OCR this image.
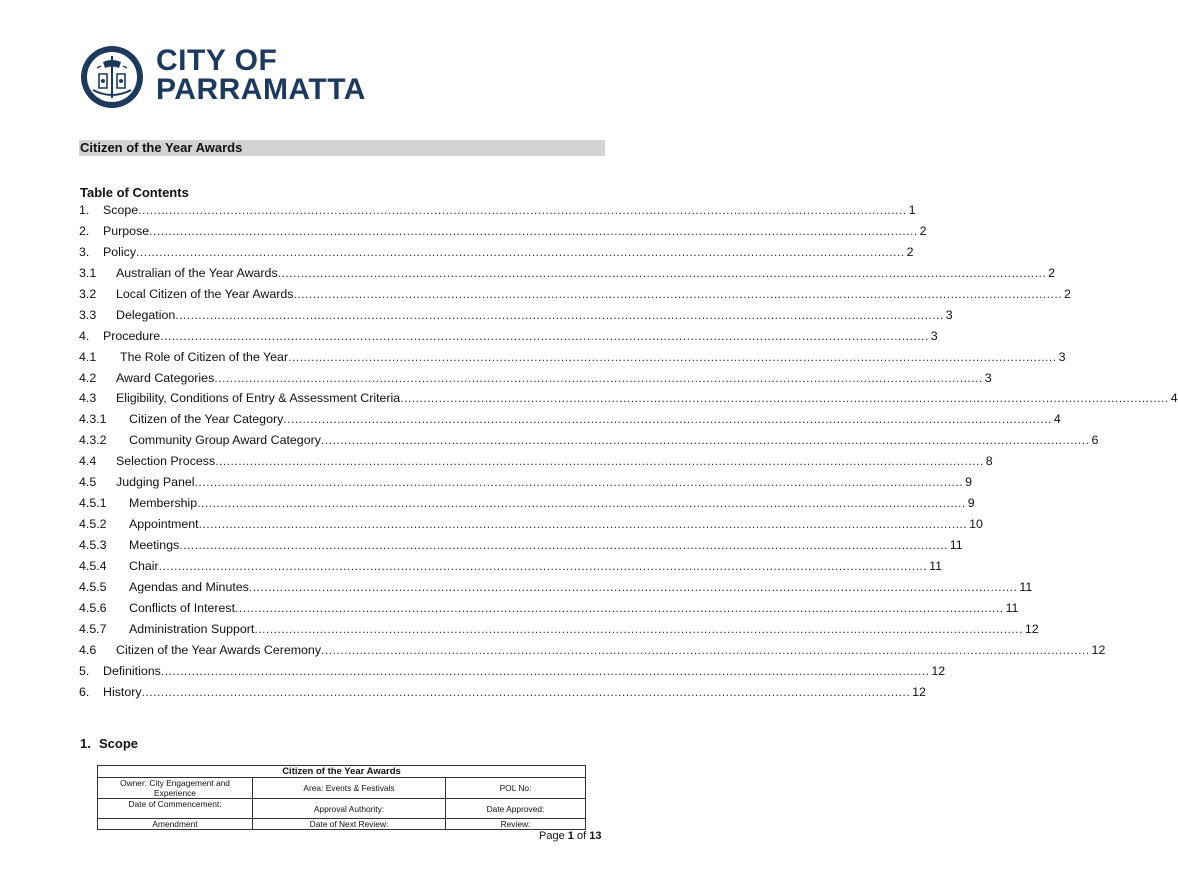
CITY OF
PARRAMATTA
Citizen of the Year Awards
Table of Contents
1. Scope ........................................................................................................................................................................................................ 1
2. Purpose ........................................................................................................................................................................................................ 2
3. Policy ........................................................................................................................................................................................................ 2
3.1 Australian of the Year Awards ........................................................................................................................................................................................................ 2
3.2 Local Citizen of the Year Awards ........................................................................................................................................................................................................ 2
3.3 Delegation ........................................................................................................................................................................................................ 3
4. Procedure ........................................................................................................................................................................................................ 3
4.1 The Role of Citizen of the Year ........................................................................................................................................................................................................ 3
4.2 Award Categories ........................................................................................................................................................................................................ 3
4.3 Eligibility, Conditions of Entry & Assessment Criteria ........................................................................................................................................................................................................ 4
4.3.1 Citizen of the Year Category ........................................................................................................................................................................................................ 4
4.3.2 Community Group Award Category ........................................................................................................................................................................................................ 6
4.4 Selection Process ........................................................................................................................................................................................................ 8
4.5 Judging Panel ........................................................................................................................................................................................................ 9
4.5.1 Membership ........................................................................................................................................................................................................ 9
4.5.2 Appointment ........................................................................................................................................................................................................ 10
4.5.3 Meetings ........................................................................................................................................................................................................ 11
4.5.4 Chair ........................................................................................................................................................................................................ 11
4.5.5 Agendas and Minutes ........................................................................................................................................................................................................ 11
4.5.6 Conflicts of Interest ........................................................................................................................................................................................................ 11
4.5.7 Administration Support ........................................................................................................................................................................................................ 12
4.6 Citizen of the Year Awards Ceremony ........................................................................................................................................................................................................ 12
5. Definitions ........................................................................................................................................................................................................ 12
6. History ........................................................................................................................................................................................................ 12
1. Scope
Citizen of the Year Awards		
Owner: City Engagement and Experience	Area: Events & Festivals	POL No:
Date of Commencement:	Approval Authority:	Date Approved:
Amendment	Date of Next Review:	Review:
Page 1 of 13
